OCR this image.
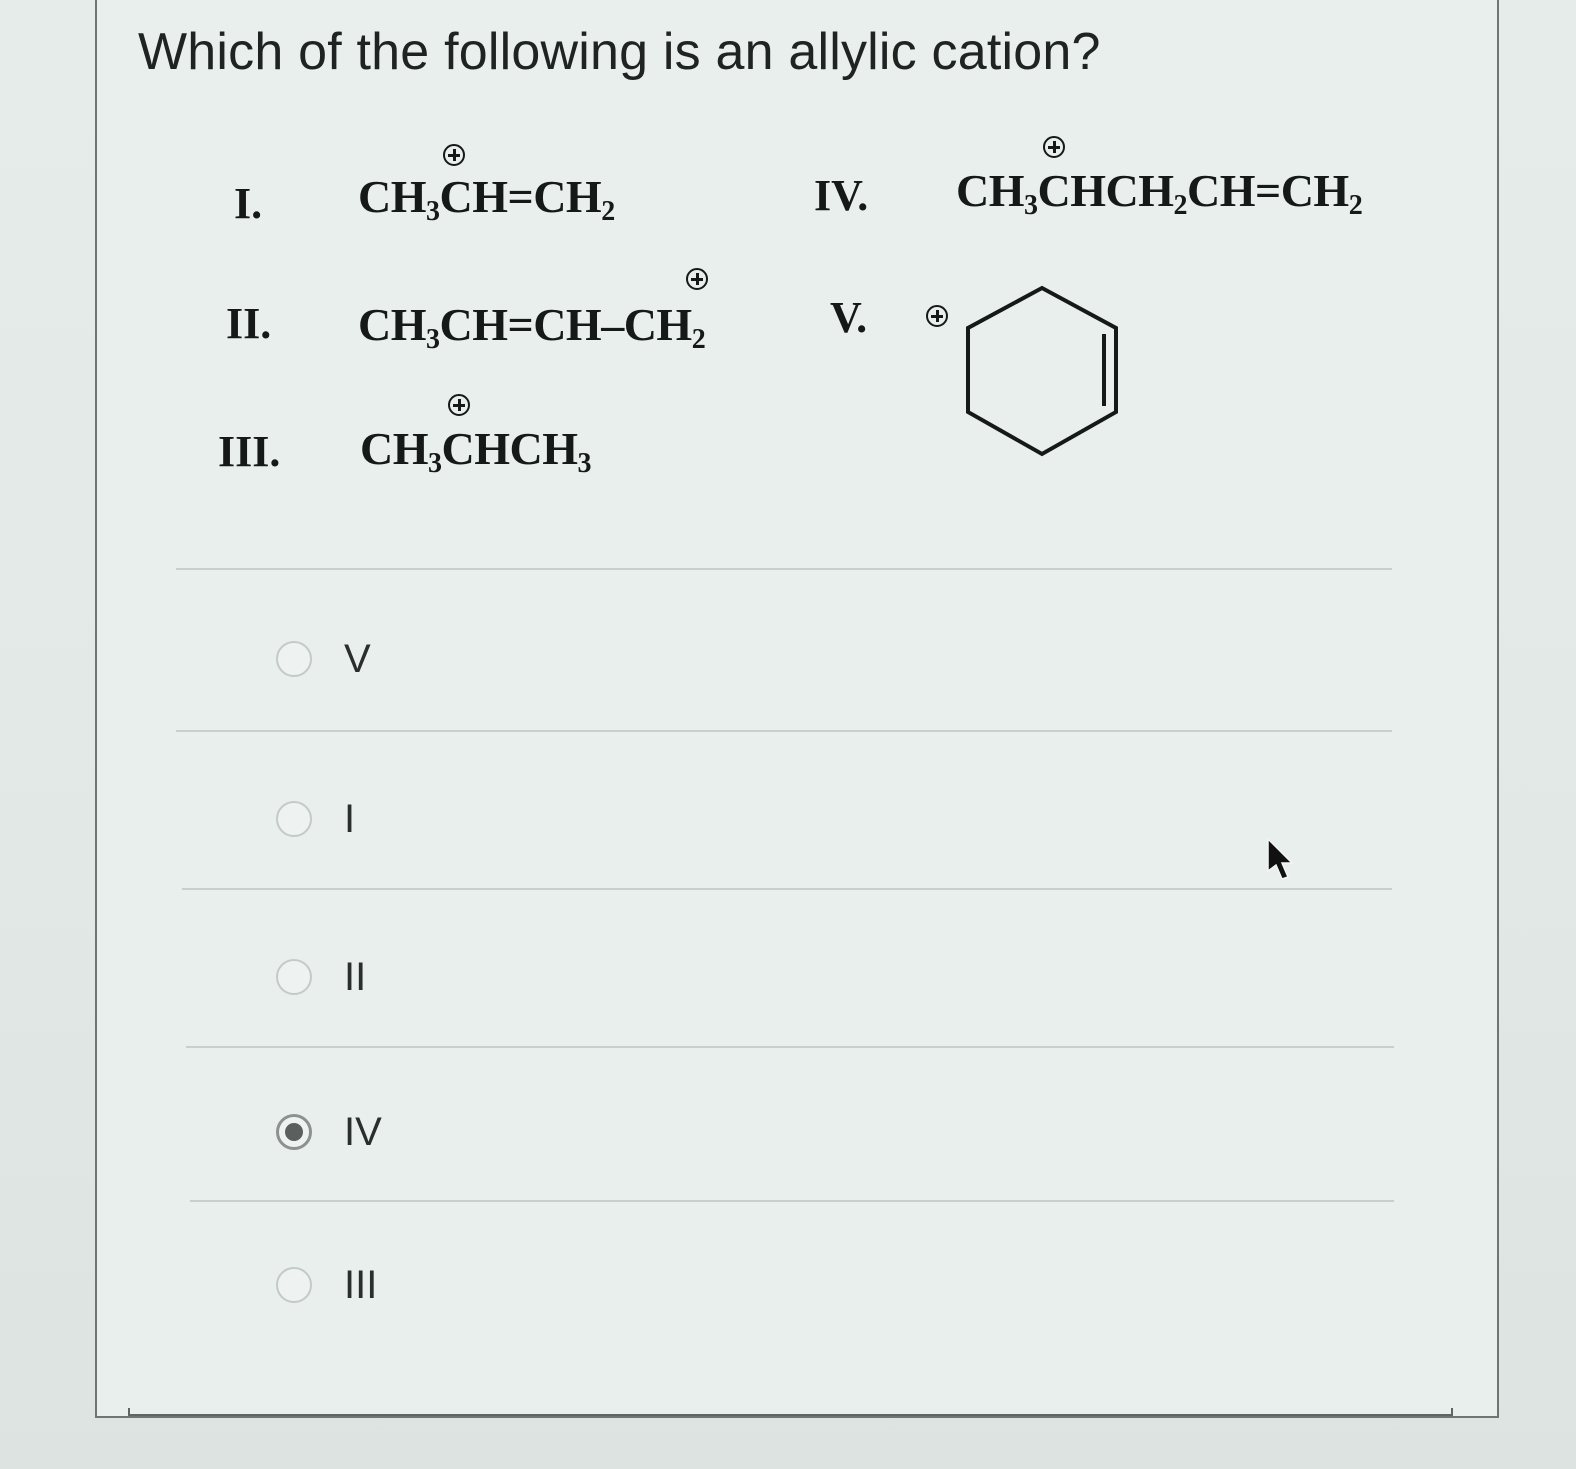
Which of the following is an allylic cation?
I. $CH_3CH=CH_2$
II. $CH_3CH=CH-CH_2$
III. $CH_3CHCH_3$
IV. $CH_3CHCH_2CH=CH_2$
V.
V
I
II
IV
III
